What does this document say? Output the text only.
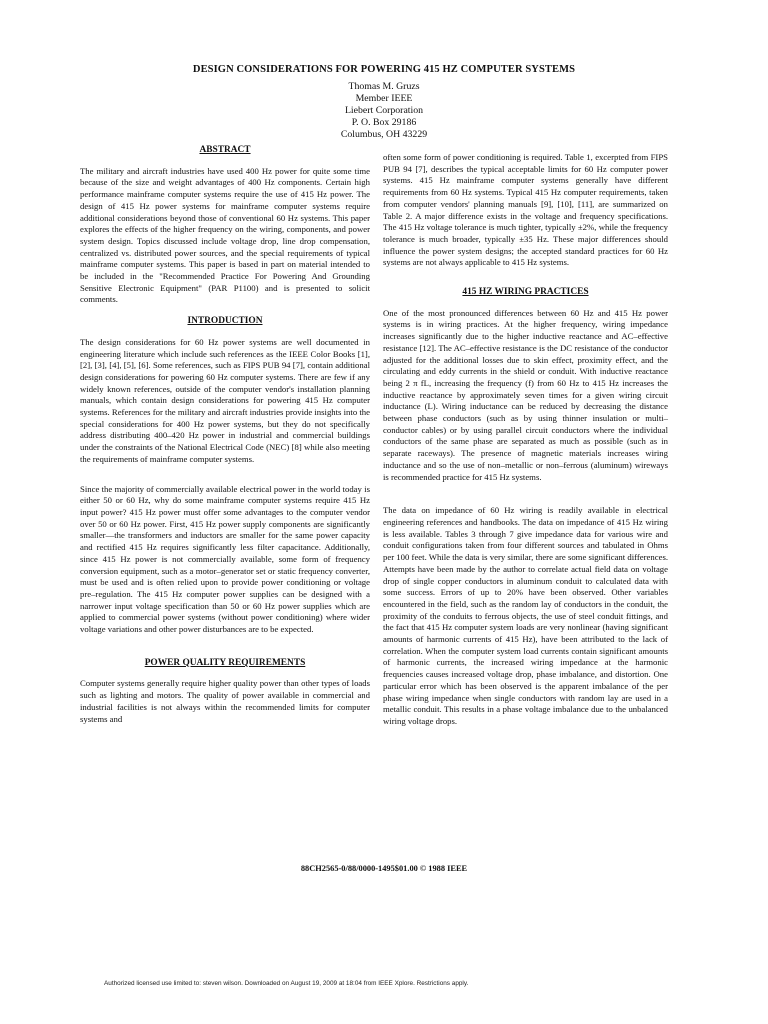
DESIGN CONSIDERATIONS FOR POWERING 415 HZ COMPUTER SYSTEMS
Thomas M. Gruzs
Member IEEE
Liebert Corporation
P. O. Box 29186
Columbus, OH 43229
ABSTRACT
The military and aircraft industries have used 400 Hz power for quite some time because of the size and weight advantages of 400 Hz components. Certain high performance mainframe computer systems require the use of 415 Hz power. The design of 415 Hz power systems for mainframe computer systems require additional considerations beyond those of conventional 60 Hz systems. This paper explores the effects of the higher frequency on the wiring, components, and power system design. Topics discussed include voltage drop, line drop compensation, centralized vs. distributed power sources, and the special requirements of typical mainframe computer systems. This paper is based in part on material intended to be included in the "Recommended Practice For Powering And Grounding Sensitive Electronic Equipment" (PAR P1100) and is presented to solicit comments.
INTRODUCTION
The design considerations for 60 Hz power systems are well documented in engineering literature which include such references as the IEEE Color Books [1], [2], [3], [4], [5], [6]. Some references, such as FIPS PUB 94 [7], contain additional design considerations for powering 60 Hz computer systems. There are few if any widely known references, outside of the computer vendor's installation planning manuals, which contain design considerations for powering 415 Hz computer systems. References for the military and aircraft industries provide insights into the special considerations for 400 Hz power systems, but they do not specifically address distributing 400–420 Hz power in industrial and commercial buildings under the constraints of the National Electrical Code (NEC) [8] while also meeting the requirements of mainframe computer systems.
Since the majority of commercially available electrical power in the world today is either 50 or 60 Hz, why do some mainframe computer systems require 415 Hz input power? 415 Hz power must offer some advantages to the computer vendor over 50 or 60 Hz power. First, 415 Hz power supply components are significantly smaller—the transformers and inductors are smaller for the same power capacity and rectified 415 Hz requires significantly less filter capacitance. Additionally, since 415 Hz power is not commercially available, some form of frequency conversion equipment, such as a motor–generator set or static frequency converter, must be used and is often relied upon to provide power conditioning or voltage pre–regulation. The 415 Hz computer power supplies can be designed with a narrower input voltage specification than 50 or 60 Hz power supplies which are applied to commercial power systems (without power conditioning) where wider voltage variations and other power disturbances are to be expected.
POWER QUALITY REQUIREMENTS
Computer systems generally require higher quality power than other types of loads such as lighting and motors. The quality of power available in commercial and industrial facilities is not always within the recommended limits for computer systems and
often some form of power conditioning is required. Table 1, excerpted from FIPS PUB 94 [7], describes the typical acceptable limits for 60 Hz computer power systems. 415 Hz mainframe computer systems generally have different requirements from 60 Hz systems. Typical 415 Hz computer requirements, taken from computer vendors' planning manuals [9], [10], [11], are summarized on Table 2. A major difference exists in the voltage and frequency specifications. The 415 Hz voltage tolerance is much tighter, typically ±2%, while the frequency tolerance is much broader, typically ±35 Hz. These major differences should influence the power system designs; the accepted standard practices for 60 Hz systems are not always applicable to 415 Hz systems.
415 HZ WIRING PRACTICES
One of the most pronounced differences between 60 Hz and 415 Hz power systems is in wiring practices. At the higher frequency, wiring impedance increases significantly due to the higher inductive reactance and AC–effective resistance [12]. The AC–effective resistance is the DC resistance of the conductor adjusted for the additional losses due to skin effect, proximity effect, and the circulating and eddy currents in the shield or conduit. With inductive reactance being 2 π fL, increasing the frequency (f) from 60 Hz to 415 Hz increases the inductive reactance by approximately seven times for a given wiring circuit inductance (L). Wiring inductance can be reduced by decreasing the distance between phase conductors (such as by using thinner insulation or multi–conductor cables) or by using parallel circuit conductors where the individual conductors of the same phase are separated as much as possible (such as in separate raceways). The presence of magnetic materials increases wiring inductance and so the use of non–metallic or non–ferrous (aluminum) wireways is recommended practice for 415 Hz systems.
The data on impedance of 60 Hz wiring is readily available in electrical engineering references and handbooks. The data on impedance of 415 Hz wiring is less available. Tables 3 through 7 give impedance data for various wire and conduit configurations taken from four different sources and tabulated in Ohms per 100 feet. While the data is very similar, there are some significant differences. Attempts have been made by the author to correlate actual field data on voltage drop of single copper conductors in aluminum conduit to calculated data with some success. Errors of up to 20% have been observed. Other variables encountered in the field, such as the random lay of conductors in the conduit, the proximity of the conduits to ferrous objects, the use of steel conduit fittings, and the fact that 415 Hz computer system loads are very nonlinear (having significant amounts of harmonic currents of 415 Hz), have been attributed to the lack of correlation. When the computer system load currents contain significant amounts of harmonic currents, the increased wiring impedance at the harmonic frequencies causes increased voltage drop, phase imbalance, and distortion. One particular error which has been observed is the apparent imbalance of the per phase wiring impedance when single conductors with random lay are used in a metallic conduit. This results in a phase voltage imbalance due to the unbalanced wiring voltage drops.
88CH2565-0/88/0000-1495$01.00 © 1988 IEEE
Authorized licensed use limited to: steven wilson. Downloaded on August 19, 2009 at 18:04 from IEEE Xplore. Restrictions apply.
